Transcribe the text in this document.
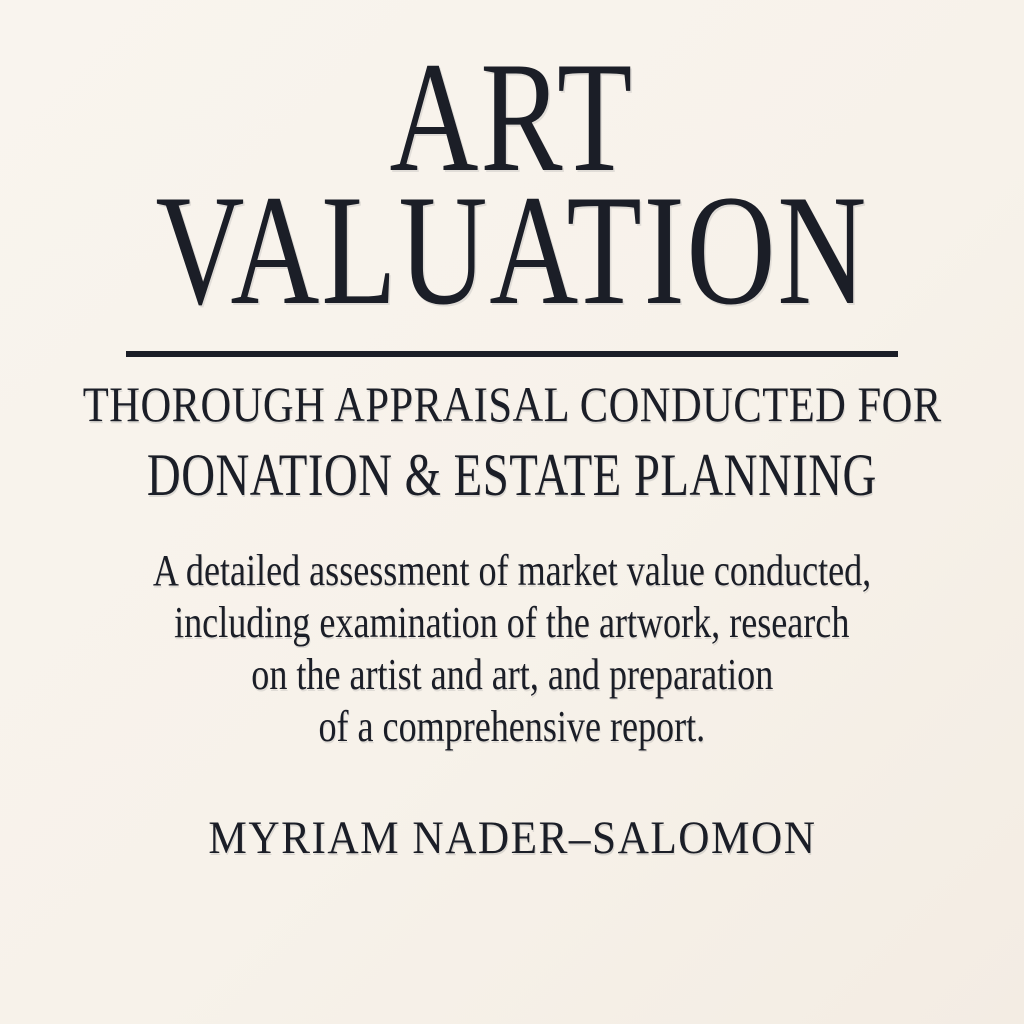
ART
VALUATION
THOROUGH APPRAISAL CONDUCTED FOR
DONATION & ESTATE PLANNING

A detailed assessment of market value conducted,
including examination of the artwork, research
on the artist and art, and preparation
of a comprehensive report.

MYRIAM NADER–SALOMON
